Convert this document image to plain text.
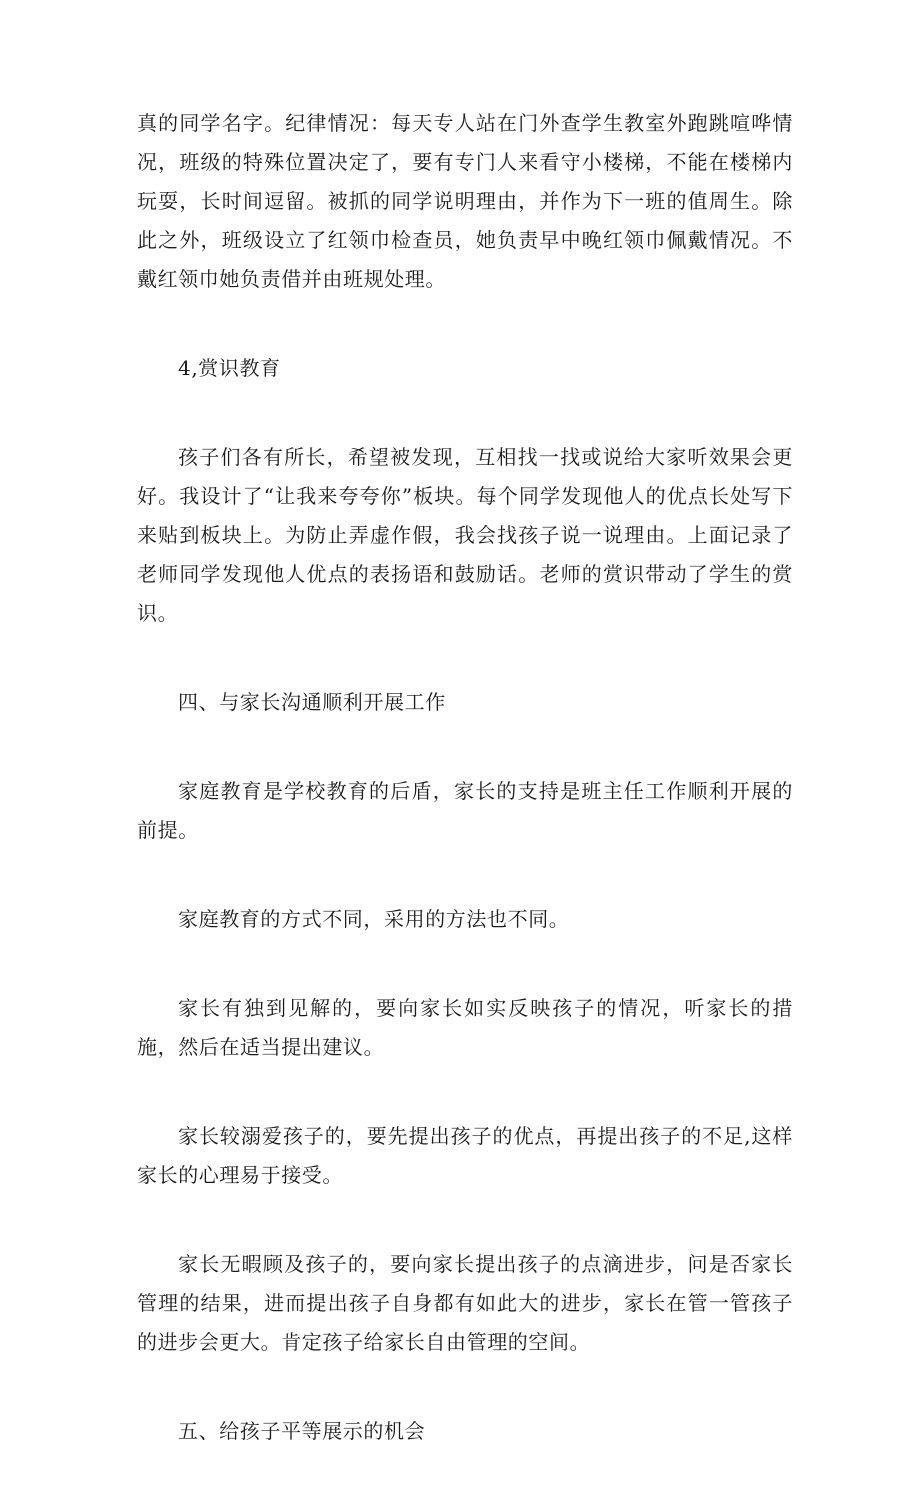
真的同学名字。纪律情况：每天专人站在门外查学生教室外跑跳喧哗情况，班级的特殊位置决定了，要有专门人来看守小楼梯，不能在楼梯内玩耍，长时间逗留。被抓的同学说明理由，并作为下一班的值周生。除此之外，班级设立了红领巾检查员，她负责早中晚红领巾佩戴情况。不戴红领巾她负责借并由班规处理。

4,赏识教育

孩子们各有所长，希望被发现，互相找一找或说给大家听效果会更好。我设计了“让我来夸夸你”板块。每个同学发现他人的优点长处写下来贴到板块上。为防止弄虚作假，我会找孩子说一说理由。上面记录了老师同学发现他人优点的表扬语和鼓励话。老师的赏识带动了学生的赏识。

四、与家长沟通顺利开展工作

家庭教育是学校教育的后盾，家长的支持是班主任工作顺利开展的前提。

家庭教育的方式不同，采用的方法也不同。

家长有独到见解的，要向家长如实反映孩子的情况，听家长的措施，然后在适当提出建议。

家长较溺爱孩子的，要先提出孩子的优点，再提出孩子的不足,这样家长的心理易于接受。

家长无暇顾及孩子的，要向家长提出孩子的点滴进步，问是否家长管理的结果，进而提出孩子自身都有如此大的进步，家长在管一管孩子的进步会更大。肯定孩子给家长自由管理的空间。

五、给孩子平等展示的机会
